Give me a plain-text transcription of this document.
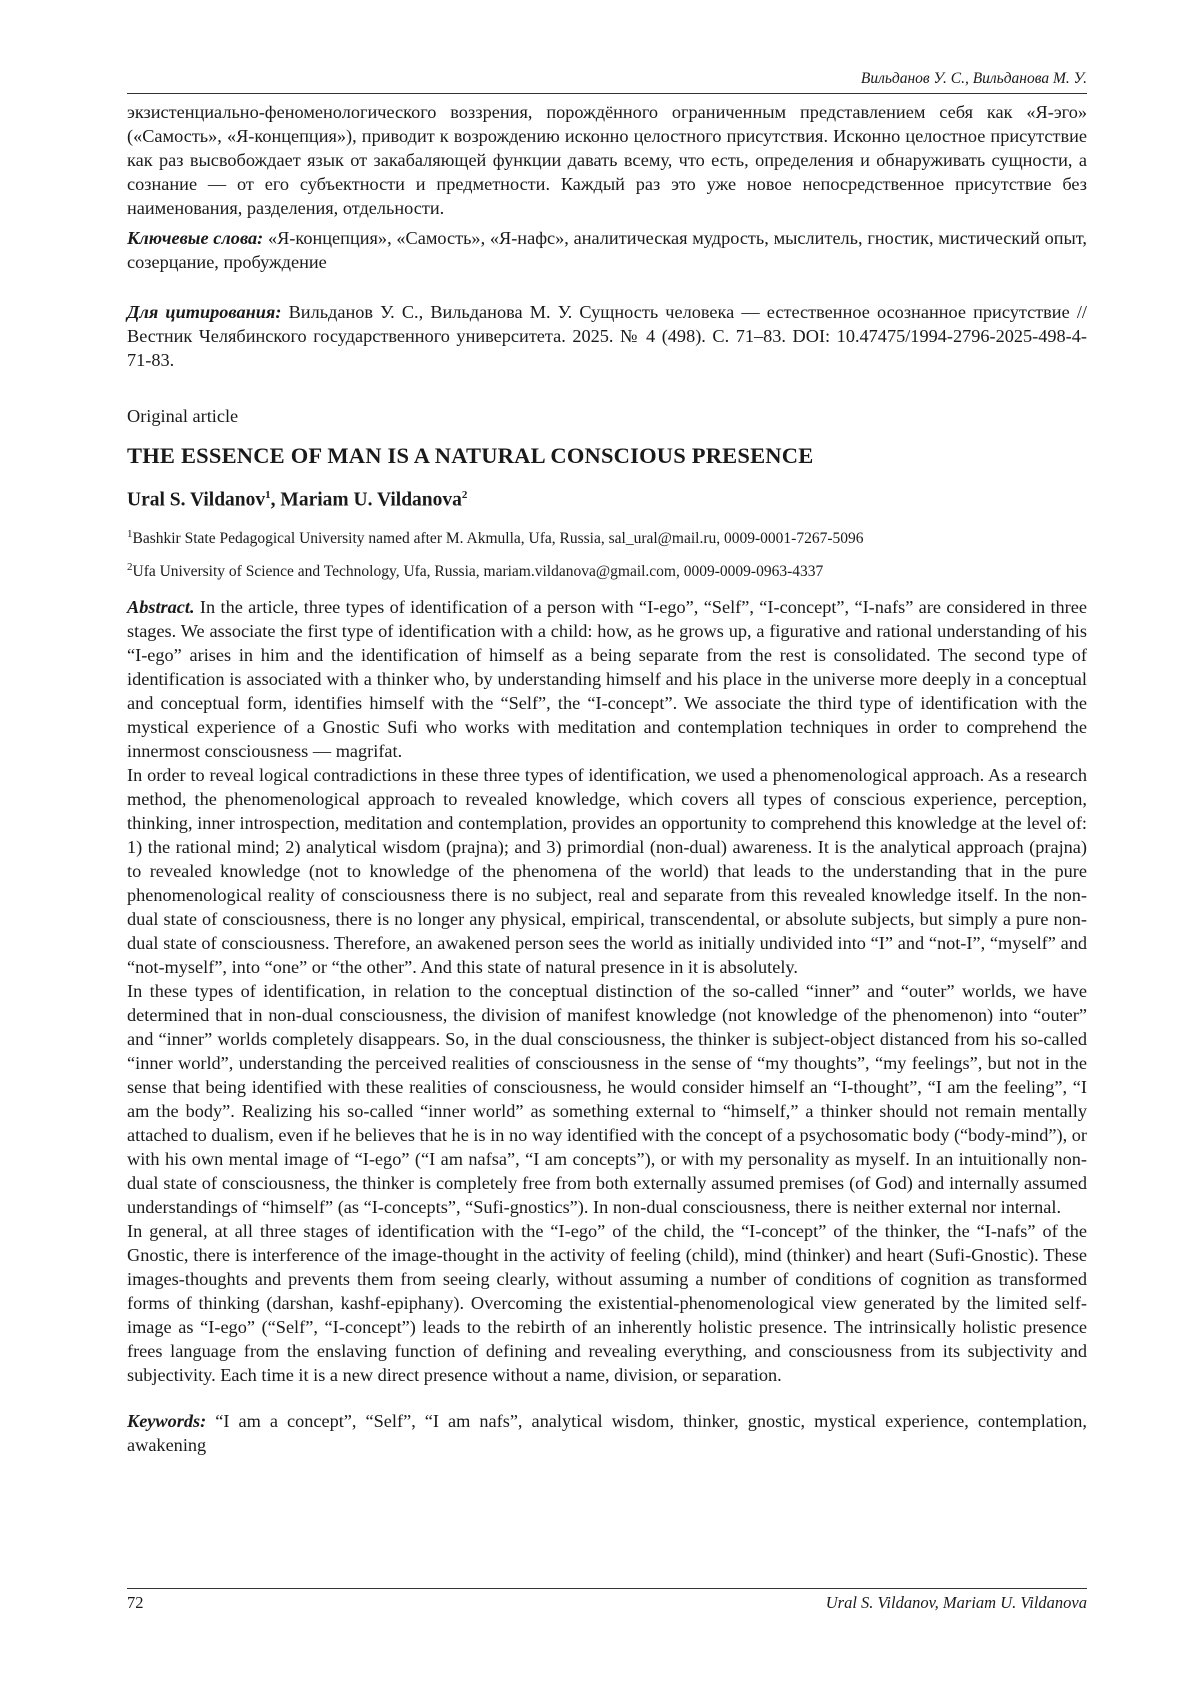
Вильданов У. С., Вильданова М. У.

экзистенциально-феноменологического воззрения, порождённого ограниченным представлением себя как «Я-эго» («Самость», «Я-концепция»), приводит к возрождению исконно целостного присутствия. Исконно целостное присутствие как раз высвобождает язык от закабаляющей функции давать всему, что есть, определения и обнаруживать сущности, а сознание — от его субъектности и предметности. Каждый раз это уже новое непосредственное присутствие без наименования, разделения, отдельности.

Ключевые слова: «Я-концепция», «Самость», «Я-нафс», аналитическая мудрость, мыслитель, гностик, мистический опыт, созерцание, пробуждение

Для цитирования: Вильданов У. С., Вильданова М. У. Сущность человека — естественное осознанное присутствие // Вестник Челябинского государственного университета. 2025. № 4 (498). С. 71–83. DOI: 10.47475/1994-2796-2025-498-4-71-83.

Original article
THE ESSENCE OF MAN IS A NATURAL CONSCIOUS PRESENCE
Ural S. Vildanov$^1$, Mariam U. Vildanova$^2$
$^1$Bashkir State Pedagogical University named after M. Akmulla, Ufa, Russia, sal_ural@mail.ru, 0009-0001-7267-5096
$^2$Ufa University of Science and Technology, Ufa, Russia, mariam.vildanova@gmail.com, 0009-0009-0963-4337

Abstract. In the article, three types of identification of a person with “I-ego”, “Self”, “I-concept”, “I-nafs” are considered in three stages. We associate the first type of identification with a child: how, as he grows up, a figurative and rational understanding of his “I-ego” arises in him and the identification of himself as a being separate from the rest is consolidated. The second type of identification is associated with a thinker who, by understanding himself and his place in the universe more deeply in a conceptual and conceptual form, identifies himself with the “Self”, the “I-concept”. We associate the third type of identification with the mystical experience of a Gnostic Sufi who works with meditation and contemplation techniques in order to comprehend the innermost consciousness — magrifat.

In order to reveal logical contradictions in these three types of identification, we used a phenomenological approach. As a research method, the phenomenological approach to revealed knowledge, which covers all types of conscious experience, perception, thinking, inner introspection, meditation and contemplation, provides an opportunity to comprehend this knowledge at the level of: 1) the rational mind; 2) analytical wisdom (prajna); and 3) primordial (non-dual) awareness. It is the analytical approach (prajna) to revealed knowledge (not to knowledge of the phenomena of the world) that leads to the understanding that in the pure phenomenological reality of consciousness there is no subject, real and separate from this revealed knowledge itself. In the non-dual state of consciousness, there is no longer any physical, empirical, transcendental, or absolute subjects, but simply a pure non-dual state of consciousness. Therefore, an awakened person sees the world as initially undivided into “I” and “not-I”, “myself” and “not-myself”, into “one” or “the other”. And this state of natural presence in it is absolutely.

In these types of identification, in relation to the conceptual distinction of the so-called “inner” and “outer” worlds, we have determined that in non-dual consciousness, the division of manifest knowledge (not knowledge of the phenomenon) into “outer” and “inner” worlds completely disappears. So, in the dual consciousness, the thinker is subject-object distanced from his so-called “inner world”, understanding the perceived realities of consciousness in the sense of “my thoughts”, “my feelings”, but not in the sense that being identified with these realities of consciousness, he would consider himself an “I-thought”, “I am the feeling”, “I am the body”. Realizing his so-called “inner world” as something external to “himself,” a thinker should not remain mentally attached to dualism, even if he believes that he is in no way identified with the concept of a psychosomatic body (“body-mind”), or with his own mental image of “I-ego” (“I am nafsa”, “I am concepts”), or with my personality as myself. In an intuitionally non-dual state of consciousness, the thinker is completely free from both externally assumed premises (of God) and internally assumed understandings of “himself” (as “I-concepts”, “Sufi-gnostics”). In non-dual consciousness, there is neither external nor internal.

In general, at all three stages of identification with the “I-ego” of the child, the “I-concept” of the thinker, the “I-nafs” of the Gnostic, there is interference of the image-thought in the activity of feeling (child), mind (thinker) and heart (Sufi-Gnostic). These images-thoughts and prevents them from seeing clearly, without assuming a number of conditions of cognition as transformed forms of thinking (darshan, kashf-epiphany). Overcoming the existential-phenomenological view generated by the limited self-image as “I-ego” (“Self”, “I-concept”) leads to the rebirth of an inherently holistic presence. The intrinsically holistic presence frees language from the enslaving function of defining and revealing everything, and consciousness from its subjectivity and subjectivity. Each time it is a new direct presence without a name, division, or separation.

Keywords: “I am a concept”, “Self”, “I am nafs”, analytical wisdom, thinker, gnostic, mystical experience, contemplation, awakening

72	Ural S. Vildanov, Mariam U. Vildanova
